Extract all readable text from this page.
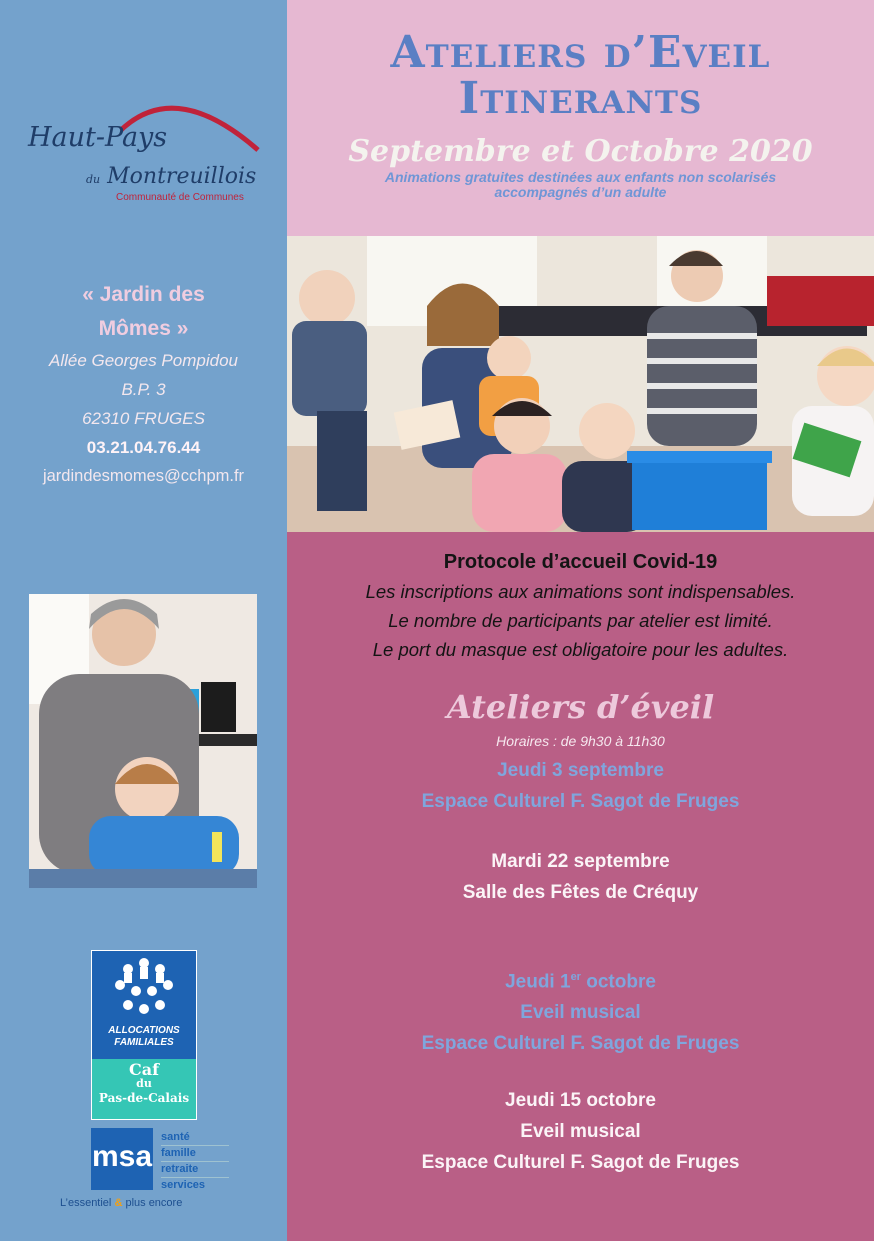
Haut-Pays
du Montreuillois
Communauté de Communes
Ateliers d’Eveil
Itinerants
Septembre et Octobre 2020
Animations gratuites destinées aux enfants non scolarisés
accompagnés d’un adulte
« Jardin des
Mômes »
Allée Georges Pompidou
B.P. 3
62310 FRUGES
03.21.04.76.44
jardindesmomes@cchpm.fr
Protocole d’accueil Covid-19
Les inscriptions aux animations sont indispensables.
Le nombre de participants par atelier est limité.
Le port du masque est obligatoire pour les adultes.
Ateliers d’éveil
Horaires : de 9h30 à 11h30
Jeudi 3 septembre
Espace Culturel F. Sagot de Fruges
Mardi 22 septembre
Salle des Fêtes de Créquy
Jeudi 1er octobre
Eveil musical
Espace Culturel F. Sagot de Fruges
Jeudi 15 octobre
Eveil musical
Espace Culturel F. Sagot de Fruges
ALLOCATIONS
FAMILIALES
Caf
du
Pas-de-Calais
msa
santé
famille
retraite
services
L’essentiel & plus encore
